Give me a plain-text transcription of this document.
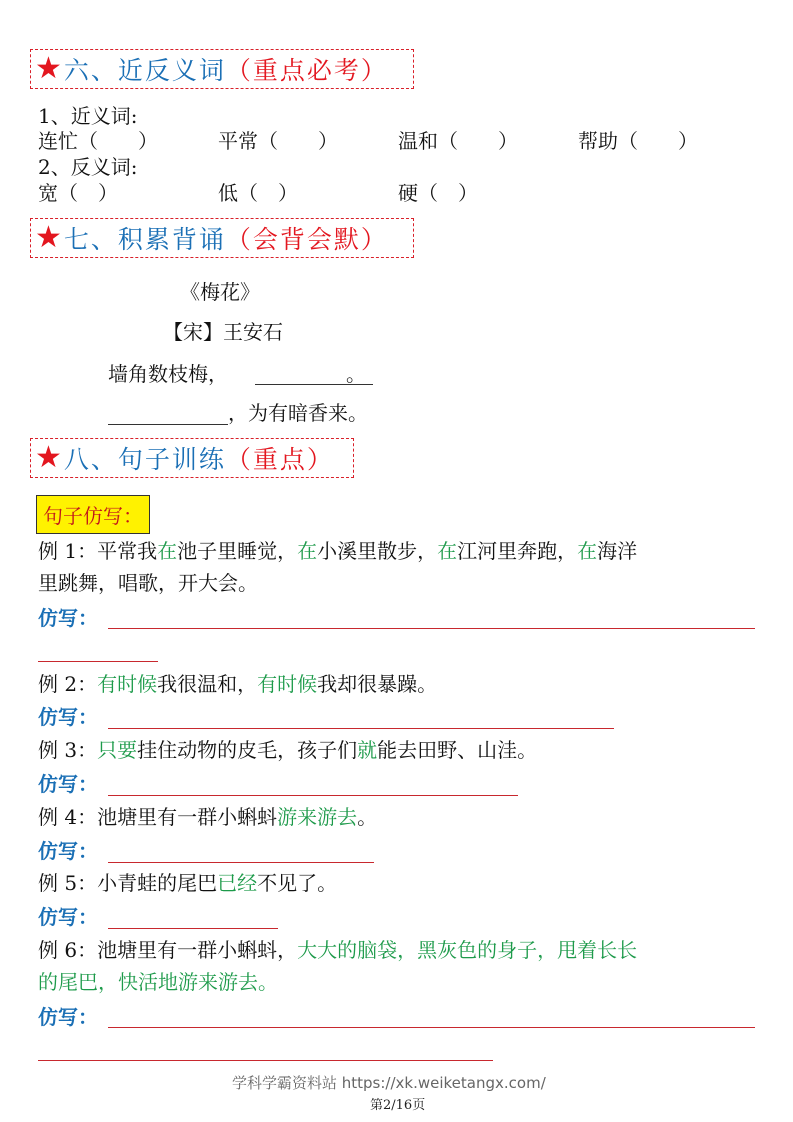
★ 六、近反义词（重点必考）
1、近义词:
连忙（　　）	平常（　　）	温和（　　）	帮助（　　）
2、反义词:
宽（　）	低（　）	硬（　）
★ 七、积累背诵（会背会默）
《梅花》
【宋】王安石
墙角数枝梅，	。
，为有暗香来。
★ 八、句子训练（重点）
句子仿写：
例 1：平常我在池子里睡觉，在小溪里散步，在江河里奔跑，在海洋
里跳舞，唱歌，开大会。
仿写：
例 2：有时候我很温和，有时候我却很暴躁。
仿写：
例 3：只要挂住动物的皮毛，孩子们就能去田野、山洼。
仿写：
例 4：池塘里有一群小蝌蚪游来游去。
仿写：
例 5：小青蛙的尾巴已经不见了。
仿写：
例 6：池塘里有一群小蝌蚪，大大的脑袋，黑灰色的身子，甩着长长
的尾巴，快活地游来游去。
仿写：
学科学霸资料站 https://xk.weiketangx.com/
第2/16页
